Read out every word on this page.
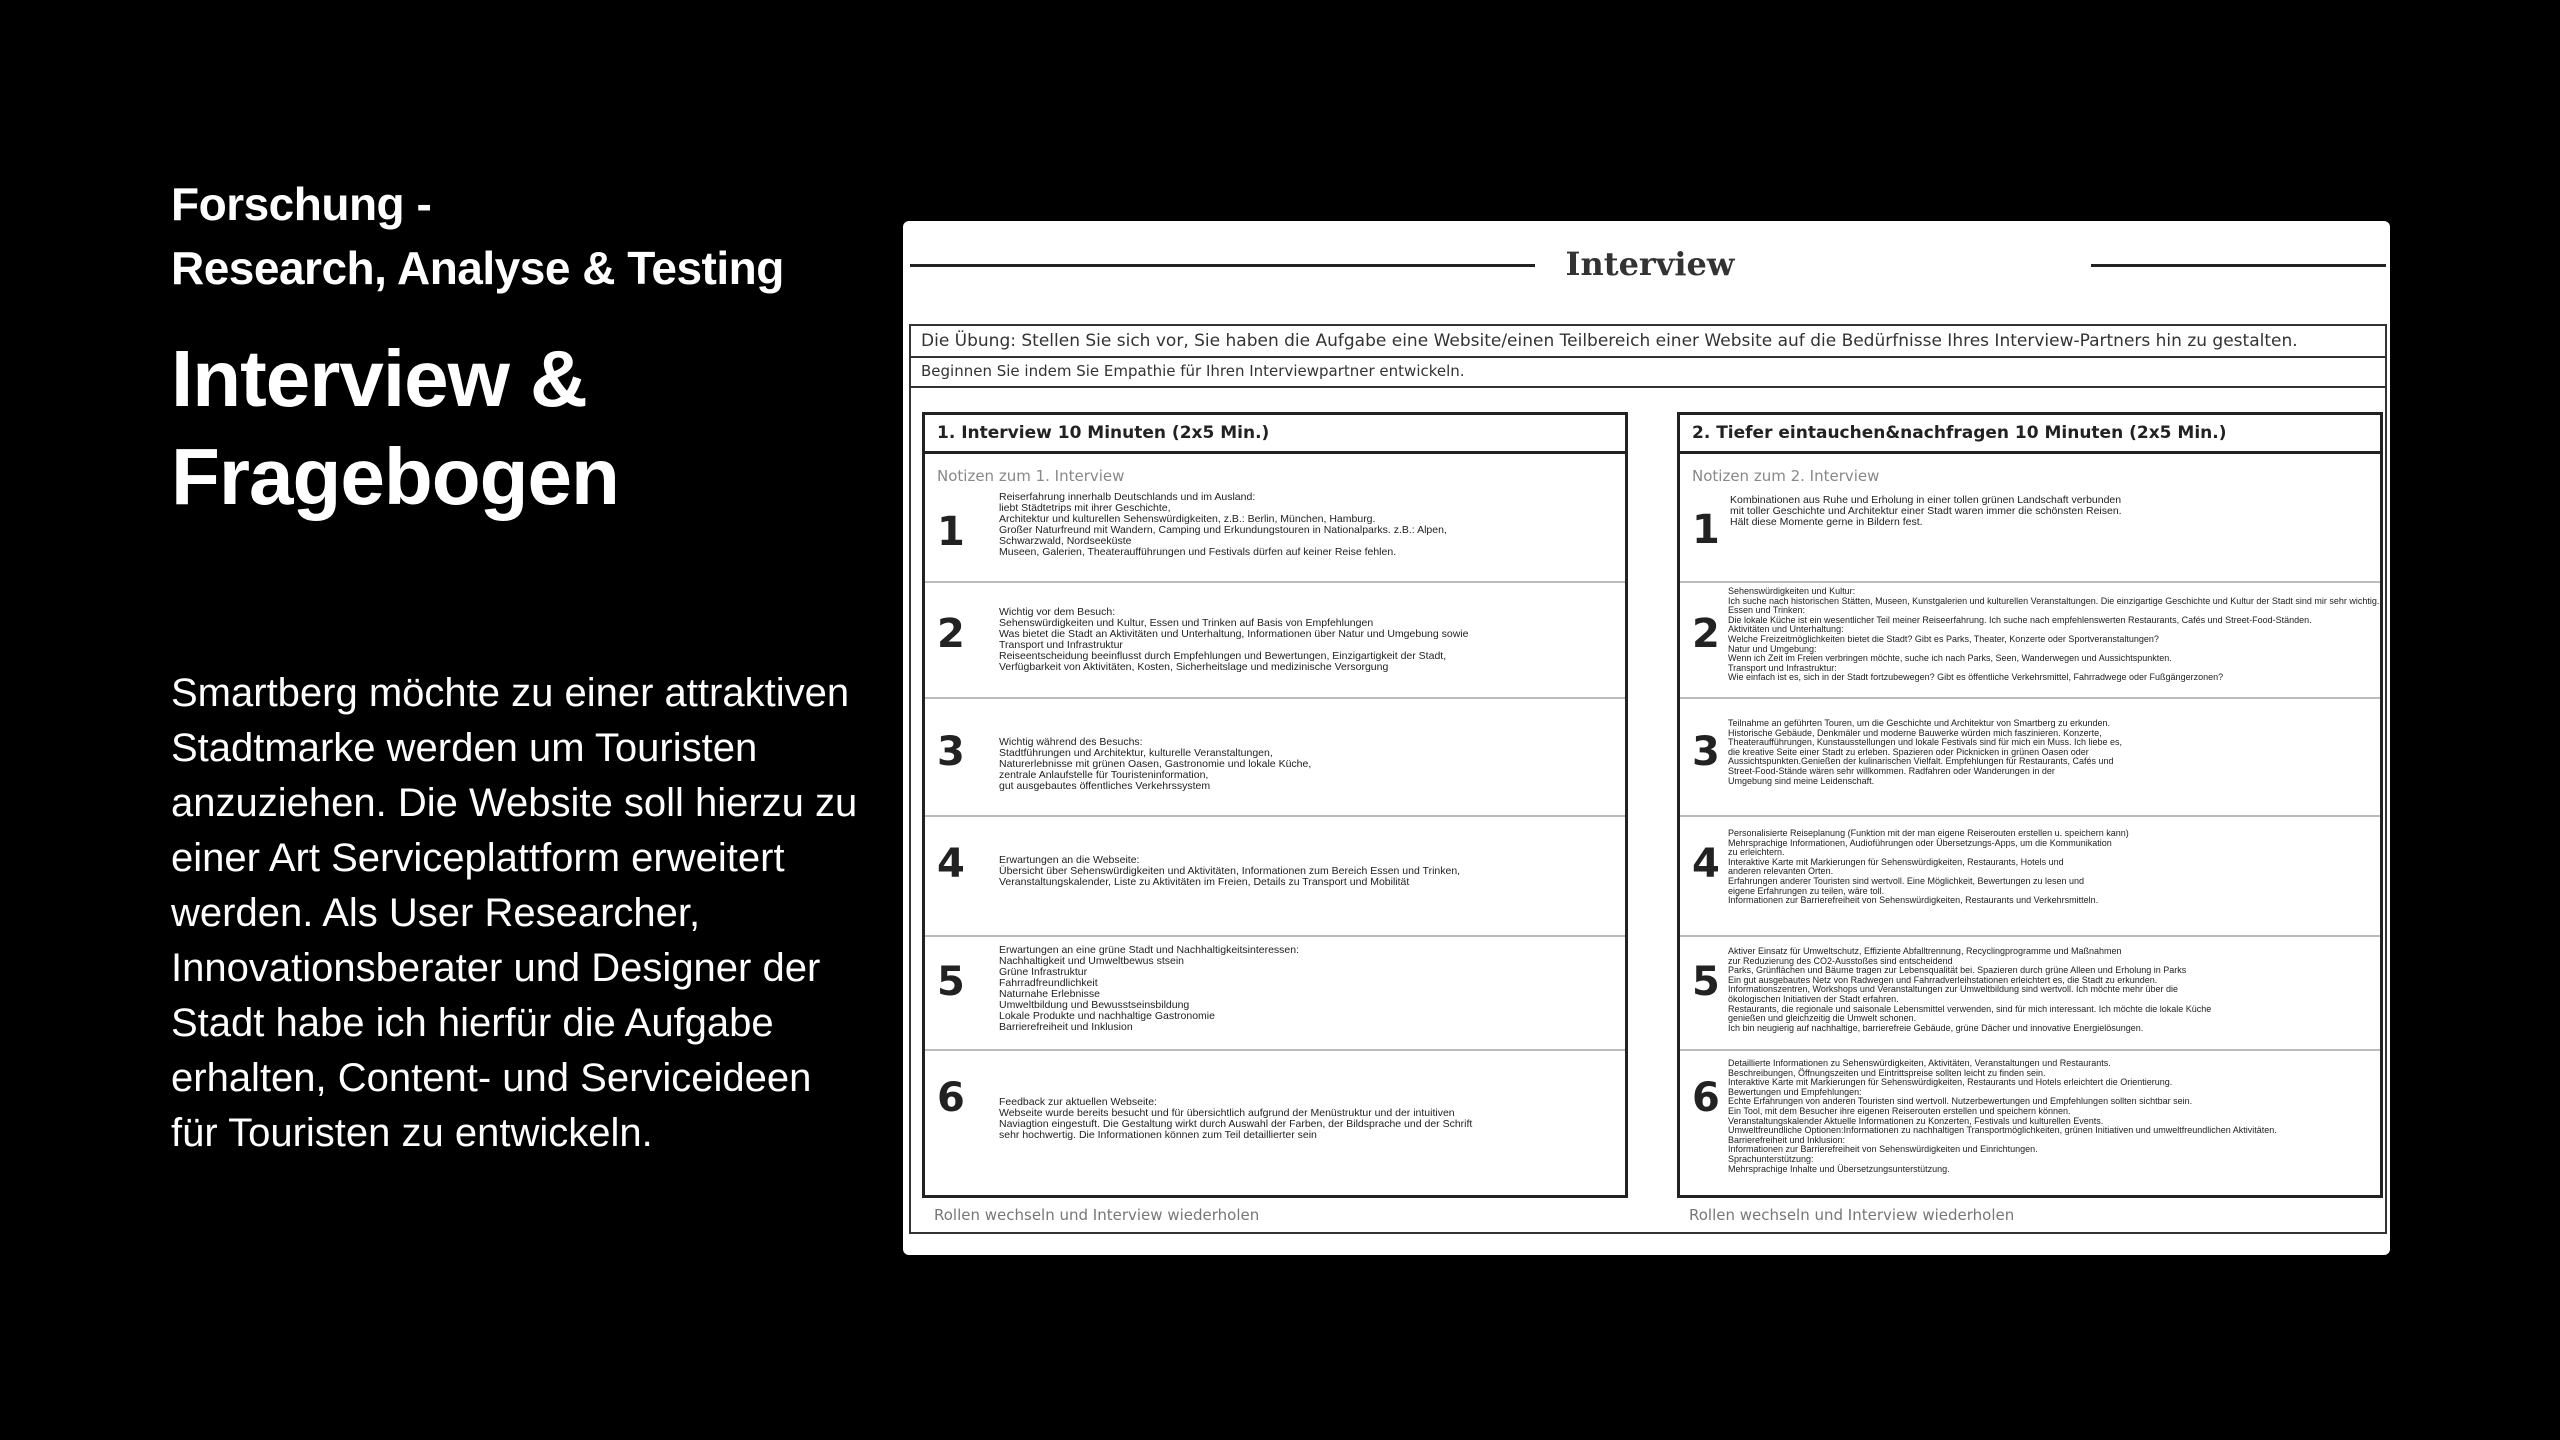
Forschung -
Research, Analyse & Testing
Interview &
Fragebogen
Smartberg möchte zu einer attraktiven Stadtmarke werden um Touristen anzuziehen. Die Website soll hierzu zu einer Art Serviceplattform erweitert werden. Als User Researcher, Innovationsberater und Designer der Stadt habe ich hierfür die Aufgabe erhalten, Content- und Serviceideen für Touristen zu entwickeln.
Interview
Die Übung: Stellen Sie sich vor, Sie haben die Aufgabe eine Website/einen Teilbereich einer Website auf die Bedürfnisse Ihres Interview-Partners hin zu gestalten.
Beginnen Sie indem Sie Empathie für Ihren Interviewpartner entwickeln.
1. Interview 10 Minuten (2x5 Min.)
Notizen zum 1. Interview
1
Reiserfahrung innerhalb Deutschlands und im Ausland:
liebt Städtetrips mit ihrer Geschichte,
Architektur und kulturellen Sehenswürdigkeiten, z.B.: Berlin, München, Hamburg.
Großer Naturfreund mit Wandern, Camping und Erkundungstouren in Nationalparks. z.B.: Alpen,
Schwarzwald, Nordseeküste
Museen, Galerien, Theateraufführungen und Festivals dürfen auf keiner Reise fehlen.
2	Wichtig vor dem Besuch:
Sehenswürdigkeiten und Kultur, Essen und Trinken auf Basis von Empfehlungen
Was bietet die Stadt an Aktivitäten und Unterhaltung, Informationen über Natur und Umgebung sowie
Transport und Infrastruktur
Reiseentscheidung beeinflusst durch Empfehlungen und Bewertungen, Einzigartigkeit der Stadt,
Verfügbarkeit von Aktivitäten, Kosten, Sicherheitslage und medizinische Versorgung
3	Wichtig während des Besuchs:
Stadtführungen und Architektur, kulturelle Veranstaltungen,
Naturerlebnisse mit grünen Oasen, Gastronomie und lokale Küche,
zentrale Anlaufstelle für Touristeninformation,
gut ausgebautes öffentliches Verkehrssystem
4	Erwartungen an die Webseite:
Übersicht über Sehenswürdigkeiten und Aktivitäten, Informationen zum Bereich Essen und Trinken,
Veranstaltungskalender, Liste zu Aktivitäten im Freien, Details zu Transport und Mobilität
5
Erwartungen an eine grüne Stadt und Nachhaltigkeitsinteressen:
Nachhaltigkeit und Umweltbewus stsein
Grüne Infrastruktur
Fahrradfreundlichkeit
Naturnahe Erlebnisse
Umweltbildung und Bewusstseinsbildung
Lokale Produkte und nachhaltige Gastronomie
Barrierefreiheit und Inklusion
6	Feedback zur aktuellen Webseite:
Webseite wurde bereits besucht und für übersichtlich aufgrund der Menüstruktur und der intuitiven
Naviagtion eingestuft. Die Gestaltung wirkt durch Auswahl der Farben, der Bildsprache und der Schrift
sehr hochwertig. Die Informationen können zum Teil detaillierter sein
Rollen wechseln und Interview wiederholen
2. Tiefer eintauchen&nachfragen 10 Minuten (2x5 Min.)
Notizen zum 2. Interview
1
Kombinationen aus Ruhe und Erholung in einer tollen grünen Landschaft verbunden
mit toller Geschichte und Architektur einer Stadt waren immer die schönsten Reisen.
Hält diese Momente gerne in Bildern fest.
2
Sehenswürdigkeiten und Kultur:
Ich suche nach historischen Stätten, Museen, Kunstgalerien und kulturellen Veranstaltungen. Die einzigartige Geschichte und Kultur der Stadt sind mir sehr wichtig.
Essen und Trinken:
Die lokale Küche ist ein wesentlicher Teil meiner Reiseerfahrung. Ich suche nach empfehlenswerten Restaurants, Cafés und Street-Food-Ständen.
Aktivitäten und Unterhaltung:
Welche Freizeitmöglichkeiten bietet die Stadt? Gibt es Parks, Theater, Konzerte oder Sportveranstaltungen?
Natur und Umgebung:
Wenn ich Zeit im Freien verbringen möchte, suche ich nach Parks, Seen, Wanderwegen und Aussichtspunkten.
Transport und Infrastruktur:
Wie einfach ist es, sich in der Stadt fortzubewegen? Gibt es öffentliche Verkehrsmittel, Fahrradwege oder Fußgängerzonen?
3
Teilnahme an geführten Touren, um die Geschichte und Architektur von Smartberg zu erkunden.
Historische Gebäude, Denkmäler und moderne Bauwerke würden mich faszinieren. Konzerte,
Theateraufführungen, Kunstausstellungen und lokale Festivals sind für mich ein Muss. Ich liebe es,
die kreative Seite einer Stadt zu erleben. Spazieren oder Picknicken in grünen Oasen oder
Aussichtspunkten.Genießen der kulinarischen Vielfalt. Empfehlungen für Restaurants, Cafés und
Street-Food-Stände wären sehr willkommen. Radfahren oder Wanderungen in der
Umgebung sind meine Leidenschaft.
4
Personalisierte Reiseplanung (Funktion mit der man eigene Reiserouten erstellen u. speichern kann)
Mehrsprachige Informationen, Audioführungen oder Übersetzungs-Apps, um die Kommunikation
zu erleichtern.
Interaktive Karte mit Markierungen für Sehenswürdigkeiten, Restaurants, Hotels und
anderen relevanten Orten.
Erfahrungen anderer Touristen sind wertvoll. Eine Möglichkeit, Bewertungen zu lesen und
eigene Erfahrungen zu teilen, wäre toll.
Informationen zur Barrierefreiheit von Sehenswürdigkeiten, Restaurants und Verkehrsmitteln.
5
Aktiver Einsatz für Umweltschutz, Effiziente Abfalltrennung, Recyclingprogramme und Maßnahmen
zur Reduzierung des CO2-Ausstoßes sind entscheidend
Parks, Grünflächen und Bäume tragen zur Lebensqualität bei. Spazieren durch grüne Alleen und Erholung in Parks
Ein gut ausgebautes Netz von Radwegen und Fahrradverleihstationen erleichtert es, die Stadt zu erkunden.
Informationszentren, Workshops und Veranstaltungen zur Umweltbildung sind wertvoll. Ich möchte mehr über die
ökologischen Initiativen der Stadt erfahren.
Restaurants, die regionale und saisonale Lebensmittel verwenden, sind für mich interessant. Ich möchte die lokale Küche
genießen und gleichzeitig die Umwelt schonen.
Ich bin neugierig auf nachhaltige, barrierefreie Gebäude, grüne Dächer und innovative Energielösungen.
6
Detaillierte Informationen zu Sehenswürdigkeiten, Aktivitäten, Veranstaltungen und Restaurants.
Beschreibungen, Öffnungszeiten und Eintrittspreise sollten leicht zu finden sein.
Interaktive Karte mit Markierungen für Sehenswürdigkeiten, Restaurants und Hotels erleichtert die Orientierung.
Bewertungen und Empfehlungen:
Echte Erfahrungen von anderen Touristen sind wertvoll. Nutzerbewertungen und Empfehlungen sollten sichtbar sein.
Ein Tool, mit dem Besucher ihre eigenen Reiserouten erstellen und speichern können.
Veranstaltungskalender Aktuelle Informationen zu Konzerten, Festivals und kulturellen Events.
Umweltfreundliche Optionen:Informationen zu nachhaltigen Transportmöglichkeiten, grünen Initiativen und umweltfreundlichen Aktivitäten.
Barrierefreiheit und Inklusion:
Informationen zur Barrierefreiheit von Sehenswürdigkeiten und Einrichtungen.
Sprachunterstützung:
Mehrsprachige Inhalte und Übersetzungsunterstützung.
Rollen wechseln und Interview wiederholen
